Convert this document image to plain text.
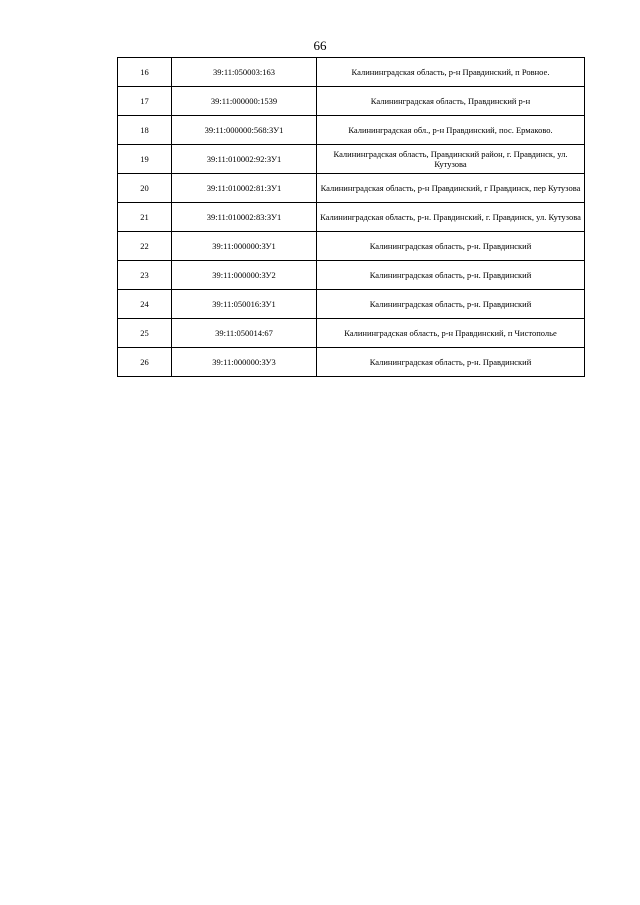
66
16	39:11:050003:163	Калининградская область, р-н Правдинский, п Ровное.
17	39:11:000000:1539	Калининградская область, Правдинский р-н
18	39:11:000000:568:ЗУ1	Калининградская обл., р-н Правдинский, пос. Ермаково.
19	39:11:010002:92:ЗУ1	Калининградская область, Правдинский район, г. Правдинск, ул. Кутузова
20	39:11:010002:81:ЗУ1	Калининградская область, р-н Правдинский, г Правдинск, пер Кутузова
21	39:11:010002:83:ЗУ1	Калининградская область, р-н. Правдинский, г. Правдинск, ул. Кутузова
22	39:11:000000:ЗУ1	Калининградская область, р-н. Правдинский
23	39:11:000000:ЗУ2	Калининградская область, р-н. Правдинский
24	39:11:050016:ЗУ1	Калининградская область, р-н. Правдинский
25	39:11:050014:67	Калининградская область, р-н Правдинский, п Чистополье
26	39:11:000000:ЗУ3	Калининградская область, р-н. Правдинский
